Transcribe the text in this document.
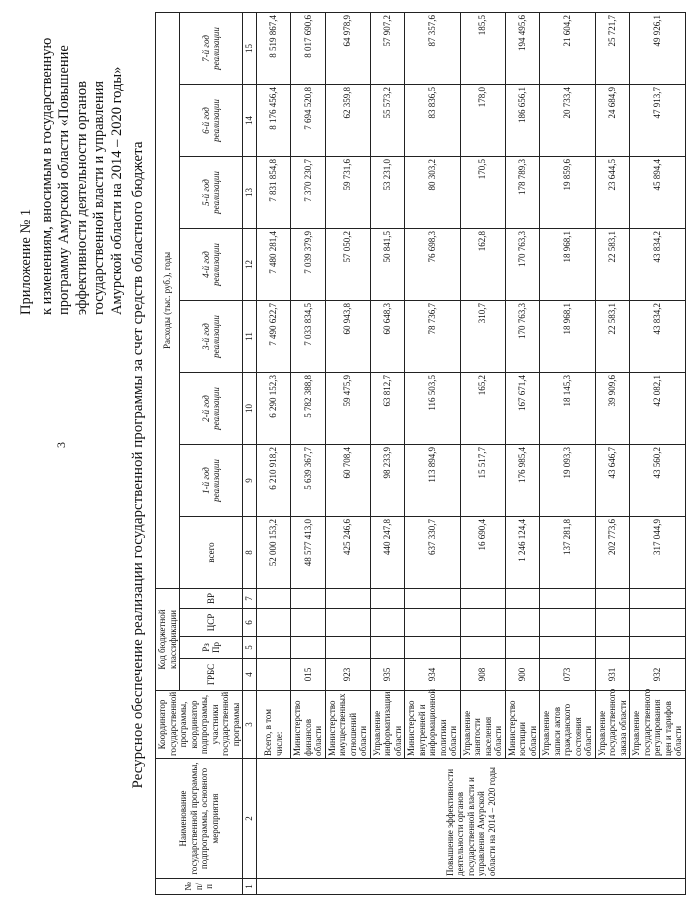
3
Приложение № 1 к изменениям, вносимым в государственную программу Амурской области «Повышение эффективности деятельности органов государственной власти и управления Амурской области на 2014 – 2020 годы» Ресурсное обеспечение реализации государственной программы за счет средств областного бюджета
№ п/п	Наименование государственной программы, подпрограммы, основного мероприятия	Координатор государственной программы, координатор подпрограммы, участники государственной программы	Код бюджетной классификации				Расходы (тыс. руб.), годы							
			ГРБС	Рз Пр	ЦСР	ВР	всего	1-й год реализации	2-й год реализации	3-й год реализации	4-й год реализации	5-й год реализации	6-й год реализации	7-й год реализации

1	2	3	4	5	6	7	8	9	10	11	12	13	14	15
	Повышение эффективности деятельности органов государственной власти и управления Амурской области на 2014 – 2020 годы	Всего, в том числе:					52 000 153,2	6 210 918,2	6 290 152,3	7 490 622,7	7 480 281,4	7 831 854,8	8 176 456,4	8 519 867,4
		Министерство финансов области	015				48 577 413,0	5 639 367,7	5 782 388,8	7 033 834,5	7 039 379,9	7 370 230,7	7 694 520,8	8 017 690,6
		Министерство имущественных отношений области	923				425 246,6	60 708,4	59 475,9	60 943,8	57 050,2	59 731,6	62 359,8	64 978,9
		Управление информатизации области	935				440 247,8	98 233,9	63 812,7	60 648,3	50 841,5	53 231,0	55 573,2	57 907,2
		Министерство внутренней и информационной политики области	934				637 330,7	113 894,9	116 503,5	78 736,7	76 698,3	80 303,2	83 836,5	87 357,6
		Управление занятости населения области	908				16 690,4	15 517,7	165,2	310,7	162,8	170,5	178,0	185,5
		Министерство юстиции области	900				1 246 124,4	176 985,4	167 671,4	170 763,3	170 763,3	178 789,3	186 656,1	194 495,6
		Управление записи актов гражданского состояния области	073				137 281,8	19 093,3	18 145,3	18 968,1	18 968,1	19 859,6	20 733,4	21 604,2
		Управление государственного заказа области	931				202 773,6	43 646,7	39 909,6	22 583,1	22 583,1	23 644,5	24 684,9	25 721,7
		Управление государственного регулирования цен и тарифов области	932				317 044,9	43 560,2	42 082,1	43 834,2	43 834,2	45 894,4	47 913,7	49 926,1
